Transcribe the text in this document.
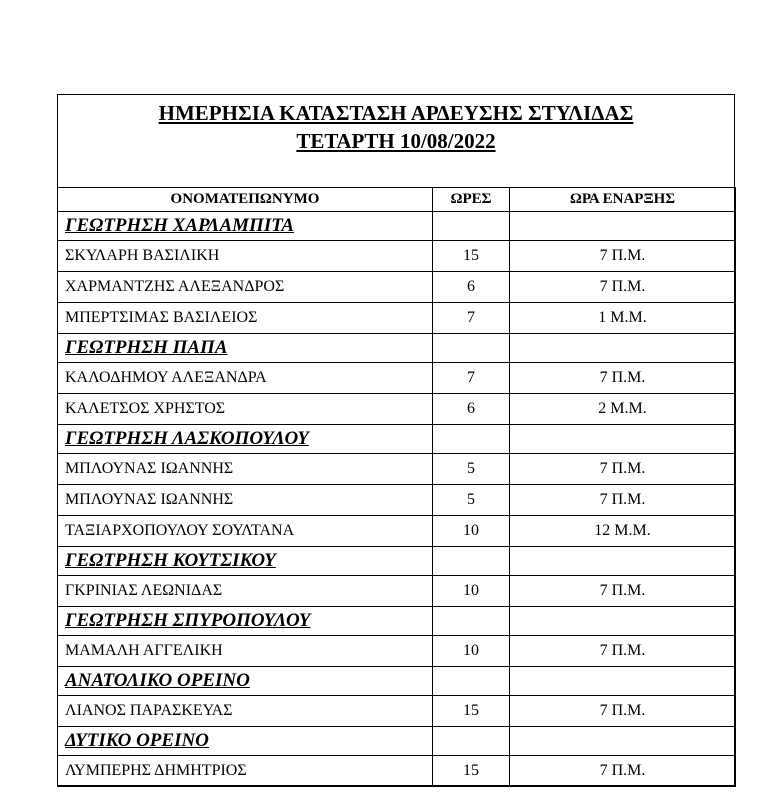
ΗΜΕΡΗΣΙΑ ΚΑΤΑΣΤΑΣΗ ΑΡΔΕΥΣΗΣ ΣΤΥΛΙΔΑΣ
ΤΕΤΑΡΤΗ 10/08/2022
ΟΝΟΜΑΤΕΠΩΝΥΜΟ	ΩΡΕΣ	ΩΡΑ ΕΝΑΡΞΗΣ
ΓΕΩΤΡΗΣΗ ΧΑΡΛΑΜΠΙΤΑ		
ΣΚΥΛΑΡΗ ΒΑΣΙΛΙΚΗ	15	7 Π.Μ.
ΧΑΡΜΑΝΤΖΗΣ ΑΛΕΞΑΝΔΡΟΣ	6	7 Π.Μ.
ΜΠΕΡΤΣΙΜΑΣ ΒΑΣΙΛΕΙΟΣ	7	1 Μ.Μ.
ΓΕΩΤΡΗΣΗ ΠΑΠΑ		
ΚΑΛΟΔΗΜΟΥ ΑΛΕΞΑΝΔΡΑ	7	7 Π.Μ.
ΚΑΛΕΤΣΟΣ ΧΡΗΣΤΟΣ	6	2 Μ.Μ.
ΓΕΩΤΡΗΣΗ ΛΑΣΚΟΠΟΥΛΟΥ		
ΜΠΛΟΥΝΑΣ ΙΩΑΝΝΗΣ	5	7 Π.Μ.
ΜΠΛΟΥΝΑΣ ΙΩΑΝΝΗΣ	5	7 Π.Μ.
ΤΑΞΙΑΡΧΟΠΟΥΛΟΥ ΣΟΥΛΤΑΝΑ	10	12 Μ.Μ.
ΓΕΩΤΡΗΣΗ ΚΟΥΤΣΙΚΟΥ		
ΓΚΡΙΝΙΑΣ ΛΕΩΝΙΔΑΣ	10	7 Π.Μ.
ΓΕΩΤΡΗΣΗ ΣΠΥΡΟΠΟΥΛΟΥ		
ΜΑΜΑΛΗ ΑΓΓΕΛΙΚΗ	10	7 Π.Μ.
ΑΝΑΤΟΛΙΚΟ ΟΡΕΙΝΟ		
ΛΙΑΝΟΣ ΠΑΡΑΣΚΕΥΑΣ	15	7 Π.Μ.
ΔΥΤΙΚΟ ΟΡΕΙΝΟ		
ΛΥΜΠΕΡΗΣ ΔΗΜΗΤΡΙΟΣ	15	7 Π.Μ.
